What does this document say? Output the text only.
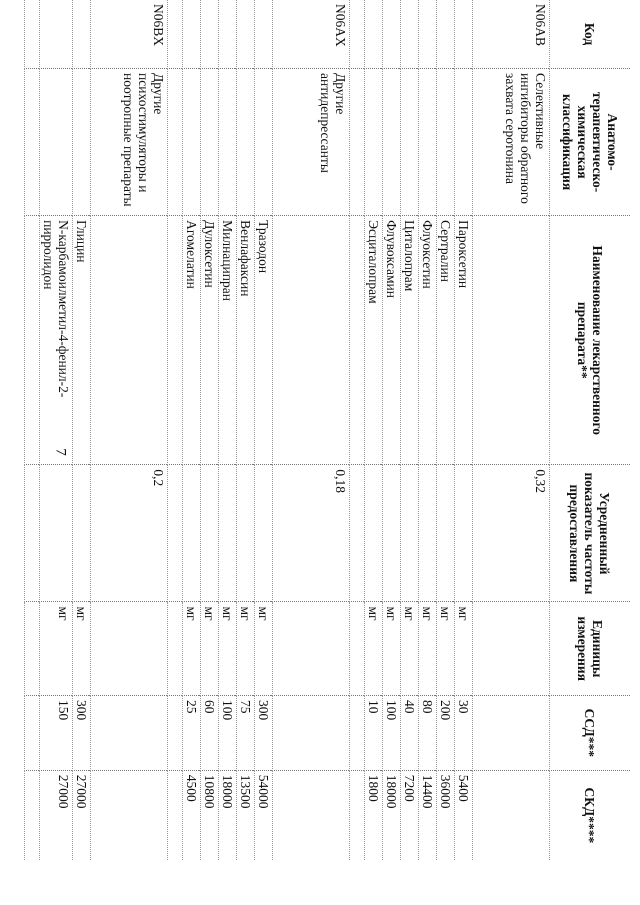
7
Код	Анатомо-терапевтическо-химическая классификация	Наименование лекарственного препарата**	Усредненный показатель частоты предоставления	Единицы измерения	ССД***	СКД****
N06AB	Селективные ингибиторы обратного захвата серотонина		0,32			
		Пароксетин		мг	30	5400
		Сертралин		мг	200	36000
		Флуоксетин		мг	80	14400
		Циталопрам		мг	40	7200
		Флувоксамин		мг	100	18000
		Эсциталопрам		мг	10	1800

N06AX	Другие антидепрессанты		0,18			
		Тразодон		мг	300	54000
		Венлафаксин		мг	75	13500
		Милнаципран		мг	100	18000
		Дулоксетин		мг	60	10800
		Агомелатин		мг	25	4500

N06BX	Другие психостимуляторы и ноотропные препараты		0,2			
		Глицин		мг	300	27000
		N-карбамоилметил-4-фенил-2-пирролидон		мг	150	27000
